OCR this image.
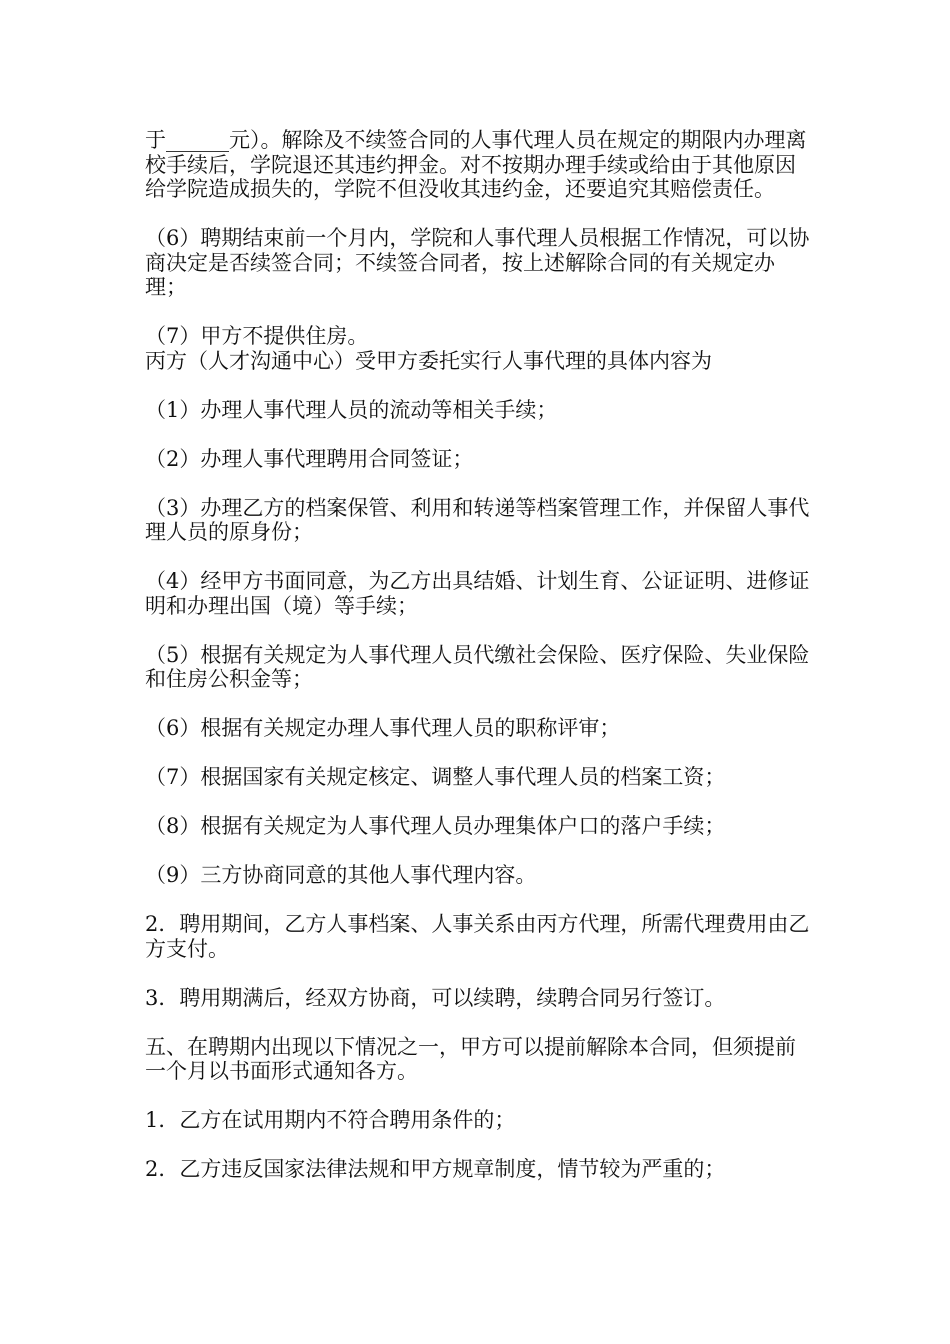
于______元）。解除及不续签合同的人事代理人员在规定的期限内办理离校手续后，学院退还其违约押金。对不按期办理手续或给由于其他原因给学院造成损失的，学院不但没收其违约金，还要追究其赔偿责任。

（6）聘期结束前一个月内，学院和人事代理人员根据工作情况，可以协商决定是否续签合同；不续签合同者，按上述解除合同的有关规定办理；

（7）甲方不提供住房。

丙方（人才沟通中心）受甲方委托实行人事代理的具体内容为

（1）办理人事代理人员的流动等相关手续；

（2）办理人事代理聘用合同签证；

（3）办理乙方的档案保管、利用和转递等档案管理工作，并保留人事代理人员的原身份；

（4）经甲方书面同意，为乙方出具结婚、计划生育、公证证明、进修证明和办理出国（境）等手续；

（5）根据有关规定为人事代理人员代缴社会保险、医疗保险、失业保险和住房公积金等；

（6）根据有关规定办理人事代理人员的职称评审；

（7）根据国家有关规定核定、调整人事代理人员的档案工资；

（8）根据有关规定为人事代理人员办理集体户口的落户手续；

（9）三方协商同意的其他人事代理内容。

2．聘用期间，乙方人事档案、人事关系由丙方代理，所需代理费用由乙方支付。

3．聘用期满后，经双方协商，可以续聘，续聘合同另行签订。

五、在聘期内出现以下情况之一，甲方可以提前解除本合同，但须提前一个月以书面形式通知各方。

1．乙方在试用期内不符合聘用条件的；

2．乙方违反国家法律法规和甲方规章制度，情节较为严重的；
